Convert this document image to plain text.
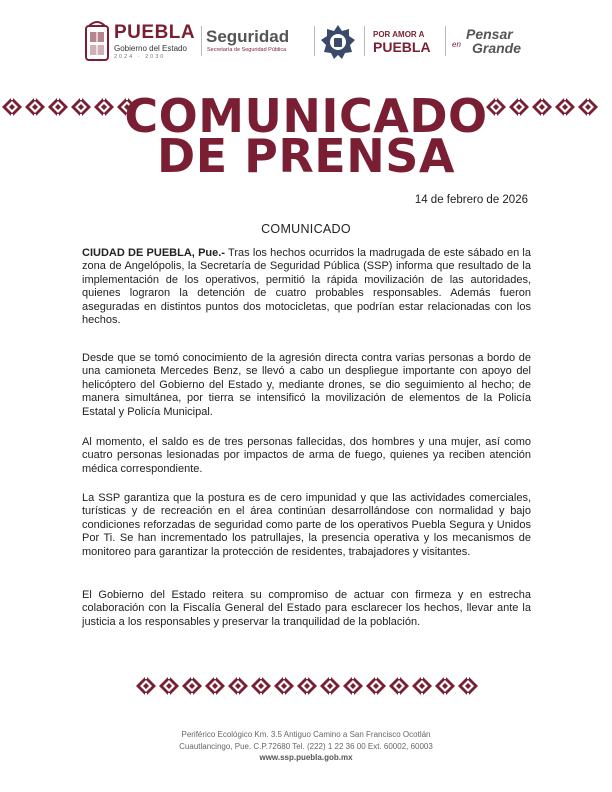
PUEBLA
Gobierno del Estado
2024 · 2030
Seguridad
Secretaría de Seguridad Pública
POR AMOR A
PUEBLA
Pensar
en Grande
COMUNICADO
DE PRENSA
14 de febrero de 2026
COMUNICADO

CIUDAD DE PUEBLA, Pue.- Tras los hechos ocurridos la madrugada de este sábado en la zona de Angelópolis, la Secretaría de Seguridad Pública (SSP) informa que resultado de la implementación de los operativos, permitió la rápida movilización de las autoridades, quienes lograron la detención de cuatro probables responsables. Además fueron aseguradas en distintos puntos dos motocicletas, que podrían estar relacionadas con los hechos.

Desde que se tomó conocimiento de la agresión directa contra varias personas a bordo de una camioneta Mercedes Benz, se llevó a cabo un despliegue importante con apoyo del helicóptero del Gobierno del Estado y, mediante drones, se dio seguimiento al hecho; de manera simultánea, por tierra se intensificó la movilización de elementos de la Policía Estatal y Policía Municipal.

Al momento, el saldo es de tres personas fallecidas, dos hombres y una mujer, así como cuatro personas lesionadas por impactos de arma de fuego, quienes ya reciben atención médica correspondiente.

La SSP garantiza que la postura es de cero impunidad y que las actividades comerciales, turísticas y de recreación en el área continúan desarrollándose con normalidad y bajo condiciones reforzadas de seguridad como parte de los operativos Puebla Segura y Unidos Por Ti. Se han incrementado los patrullajes, la presencia operativa y los mecanismos de monitoreo para garantizar la protección de residentes, trabajadores y visitantes.

El Gobierno del Estado reitera su compromiso de actuar con firmeza y en estrecha colaboración con la Fiscalía General del Estado para esclarecer los hechos, llevar ante la justicia a los responsables y preservar la tranquilidad de la población.

Periférico Ecológico Km. 3.5 Antiguo Camino a San Francisco Ocotlán
Cuautlancingo, Pue. C.P.72680 Tel. (222) 1 22 36 00 Ext. 60002, 60003
www.ssp.puebla.gob.mx
